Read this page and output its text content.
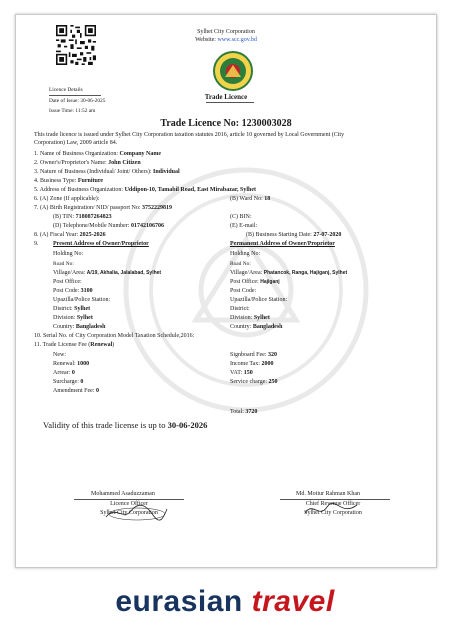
Sylhet City Corporation
Website: www.scc.gov.bd
Licence Details
Date of Issue: 30-06-2025
Issue Time: 11:52 am
Trade Licence
Trade Licence No: 1230003028
This trade licence is issued under Sylhet City Corporation taxation statutes 2016, article 10 governed by Local Government (City
Corporation) Law, 2009 article 84.
1. Name of Business Organization: Company Name
2. Owner's/Proprietor's Name: John Citizen
3. Nature of Business (Individual/ Joint/ Others): Individual
4. Business Type: Furniture
5. Address of Business Organization: Uddipon-10, Tamabil Road, East Mirabazar, Sylhet
6. (A) Zone (If applicable):	(B) Ward No: 18
7. (A) Birth Registration/ NID/ passport No: 3752229819
(B) TIN: 718087264823	(C) BIN:
(D) Telephone/Mobile Number: 01742106706	(E) E-mail:
8. (A) Fiscal Year: 2025-2026	(B) Business Starting Date: 27-07-2020
9. Present Address of Owner/Proprietor	Permanent Address of Owner/Proprietor
Holding No:	Holding No:
Road No:	Road No:
Village/Area: A/19, Akhalia, Jalalabad, Sylhet	Village/Area: Phatancok, Ranga, Hajiganj, Sylhet
Post Office:	Post Office: Hajiganj
Post Code: 3100	Post Code:
Upazilla/Police Station:	Upazilla/Police Station:
District: Sylhet	District:
Division: Sylhet	Division: Sylhet
Country: Bangladesh	Country: Bangladesh
10. Serial No. of City Corporation Model Taxation Schedule,2016:
11. Trade License Fee (Renewal)
New:
Renewal: 1000
Arrear: 0
Surcharge: 0
Amendment Fee: 0
Signboard Fee: 320
Income Tax: 2000
VAT: 150
Service charge: 250
Total: 3720
Validity of this trade license is up to 30-06-2026
Mohammed Asaduzzaman
Licence Officer
Sylhet City Corporation
Md. Motiur Rahman Khan
Chief Revenue Officer
Sylhet City Corporation
eurasian travel
